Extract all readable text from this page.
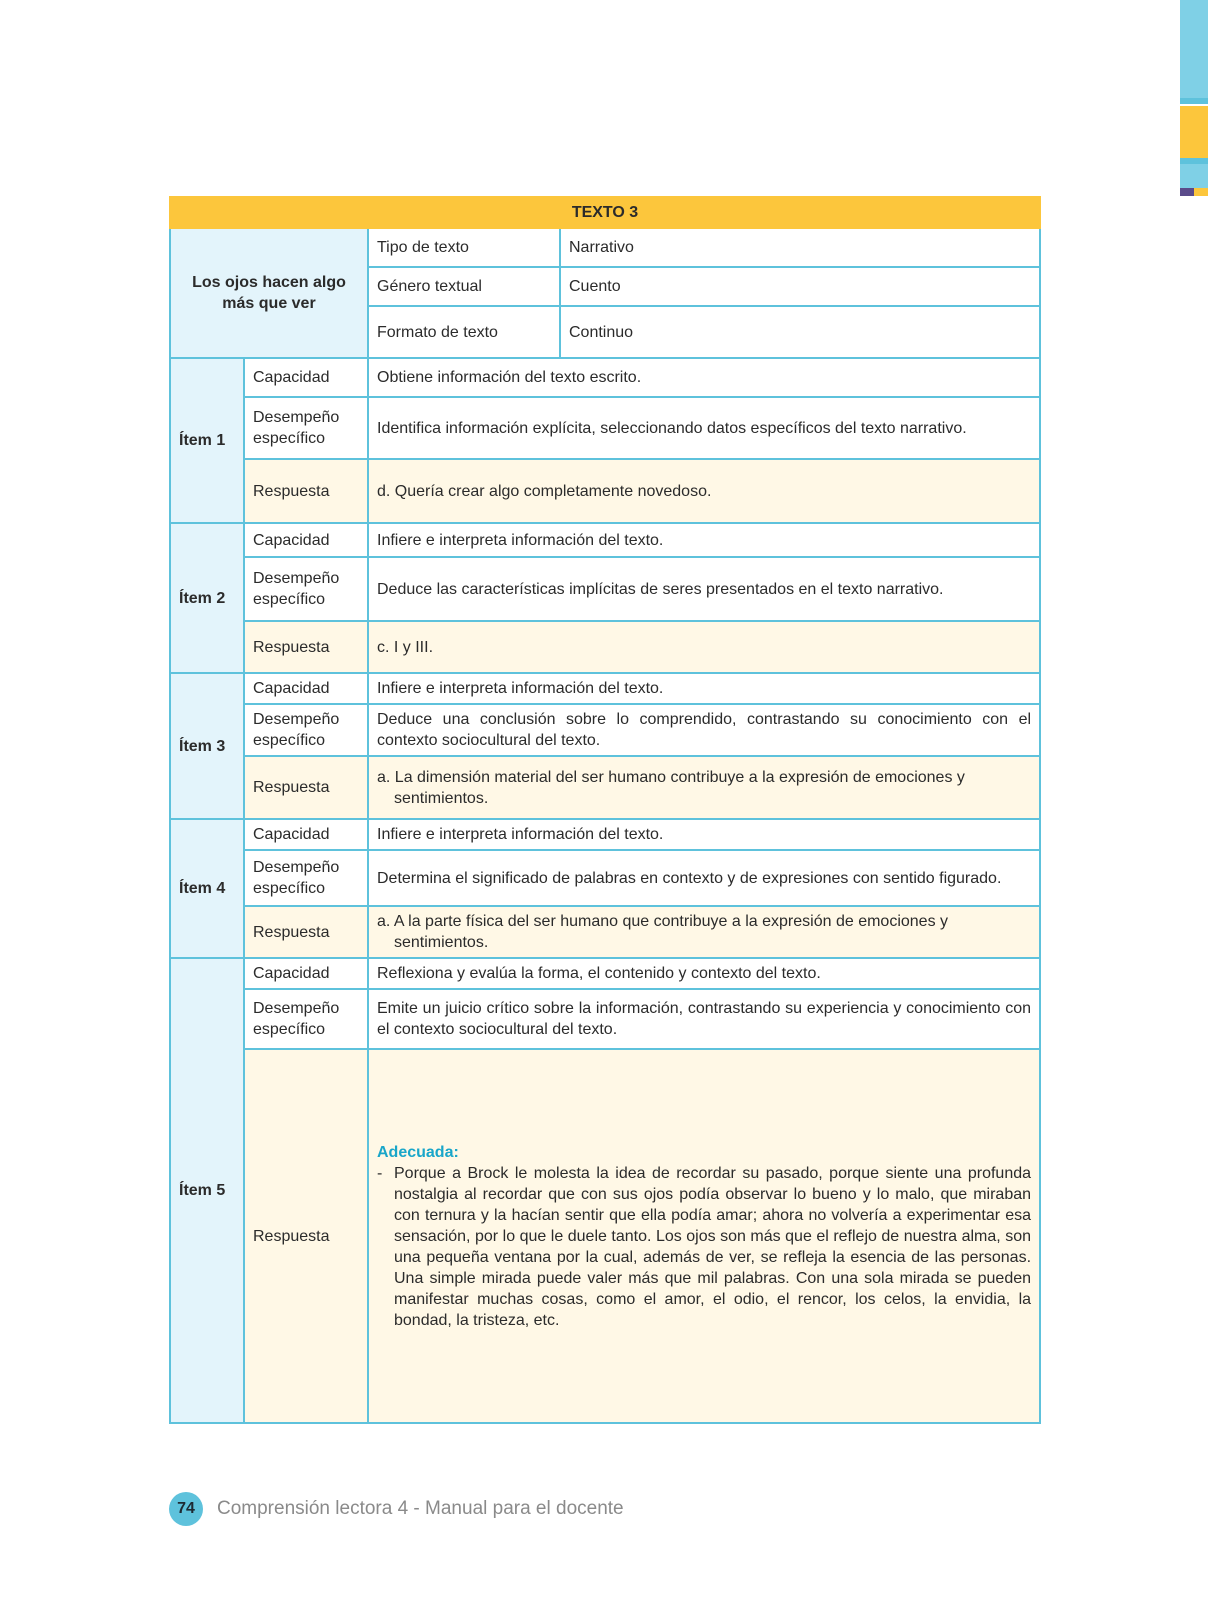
TEXTO 3			
Los ojos hacen algo más que ver		Tipo de texto	Narrativo
		Género textual	Cuento
		Formato de texto	Continuo
Ítem 1	Capacidad	Obtiene información del texto escrito.	
	Desempeño específico	Identifica información explícita, seleccionando datos específicos del texto narrativo.	
	Respuesta	d. Quería crear algo completamente novedoso.	
Ítem 2	Capacidad	Infiere e interpreta información del texto.	
	Desempeño específico	Deduce las características implícitas de seres presentados en el texto narrativo.	
	Respuesta	c. I y III.	
Ítem 3	Capacidad	Infiere e interpreta información del texto.	
	Desempeño específico	Deduce una conclusión sobre lo comprendido, contrastando su conocimiento con el contexto sociocultural del texto.	
	Respuesta	a. La dimensión material del ser humano contribuye a la expresión de emociones y sentimientos.	

Ítem 4	Capacidad	Infiere e interpreta información del texto.	
	Desempeño específico	Determina el significado de palabras en contexto y de expresiones con sentido figurado.	
	Respuesta	a. A la parte física del ser humano que contribuye a la expresión de emociones y sentimientos.	

Ítem 5	Capacidad	Reflexiona y evalúa la forma, el contenido y contexto del texto.	
	Desempeño específico	Emite un juicio crítico sobre la información, contrastando su experiencia y conocimiento con el contexto sociocultural del texto.	
	Respuesta	Adecuada:
- Porque a Brock le molesta la idea de recordar su pasado, porque siente una profunda nostalgia al recordar que con sus ojos podía observar lo bueno y lo malo, que miraban con ternura y la hacían sentir que ella podía amar; ahora no volvería a experimentar esa sensación, por lo que le duele tanto. Los ojos son más que el reflejo de nuestra alma, son una pequeña ventana por la cual, además de ver, se refleja la esencia de las personas. Una simple mirada puede valer más que mil palabras. Con una sola mirada se pueden manifestar muchas cosas, como el amor, el odio, el rencor, los celos, la envidia, la bondad, la tristeza, etc.	
74	Comprensión lectora 4 - Manual para el docente
